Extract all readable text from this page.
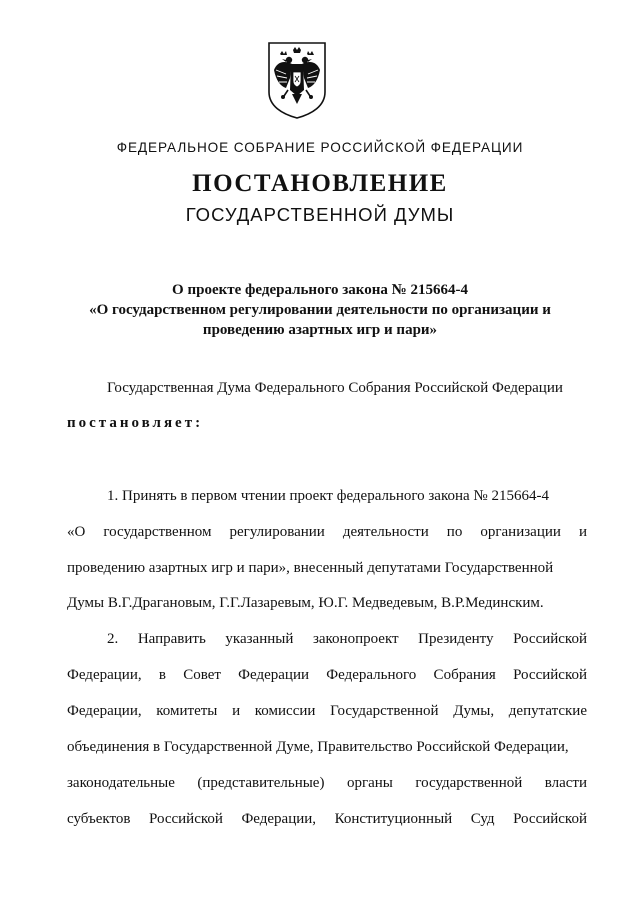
ФЕДЕРАЛЬНОЕ СОБРАНИЕ РОССИЙСКОЙ ФЕДЕРАЦИИ
ПОСТАНОВЛЕНИЕ
ГОСУДАРСТВЕННОЙ ДУМЫ
О проекте федерального закона № 215664-4
«О государственном регулировании деятельности по организации и
проведению азартных игр и пари»
Государственная Дума Федерального Собрания Российской Федерации
постановляет:
1. Принять в первом чтении проект федерального закона № 215664-4
«О государственном регулировании деятельности по организации и
проведению азартных игр и пари», внесенный депутатами Государственной
Думы В.Г.Драгановым, Г.Г.Лазаревым, Ю.Г. Медведевым, В.Р.Мединским.
2. Направить указанный законопроект Президенту Российской
Федерации, в Совет Федерации Федерального Собрания Российской
Федерации, комитеты и комиссии Государственной Думы, депутатские
объединения в Государственной Думе, Правительство Российской Федерации,
законодательные (представительные) органы государственной власти
субъектов Российской Федерации, Конституционный Суд Российской
